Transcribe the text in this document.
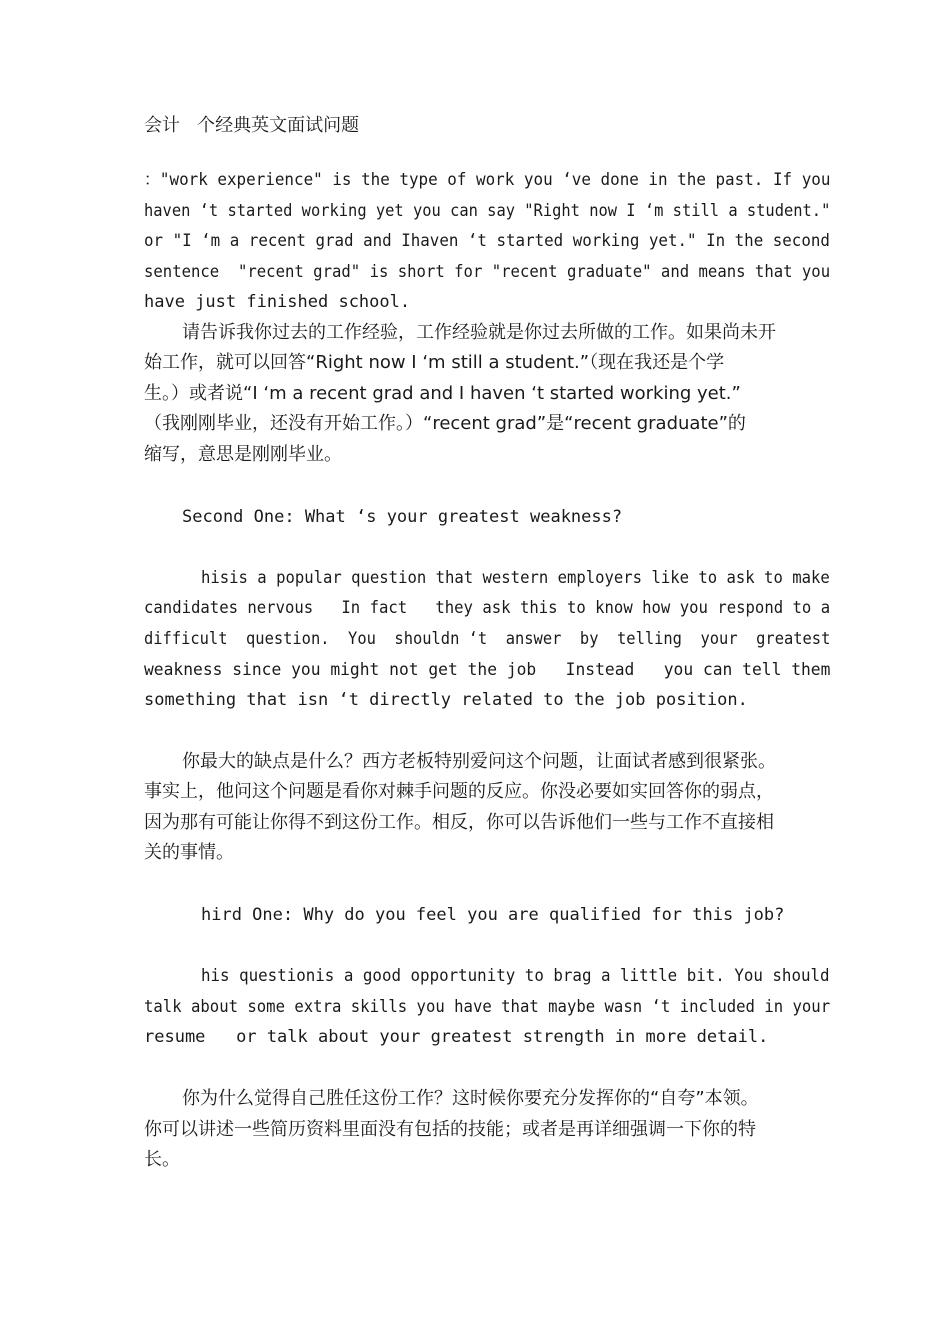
会计   个经典英文面试问题
："work experience" is the type of work you ‘ve done in the past. If you
haven ‘t started working yet you can say "Right now I ‘m still a student."
or "I ‘m a recent grad and Ihaven ‘t started working yet." In the second
sentence  "recent grad" is short for "recent graduate" and means that you
have just finished school.
请告诉我你过去的工作经验，工作经验就是你过去所做的工作。如果尚未开
始工作，就可以回答“Right now I ‘m still a student.”（现在我还是个学
生。）或者说“I ‘m a recent grad and I haven ‘t started working yet.”
（我刚刚毕业，还没有开始工作。）“recent grad”是“recent graduate”的
缩写，意思是刚刚毕业。
Second One: What ‘s your greatest weakness?
hisis a popular question that western employers like to ask to make
candidates nervous   In fact   they ask this to know how you respond to a
difficult  question.  You  shouldn ‘t  answer  by  telling  your  greatest
weakness since you might not get the job   Instead   you can tell them
something that isn ‘t directly related to the job position.
你最大的缺点是什么？西方老板特别爱问这个问题，让面试者感到很紧张。
事实上，他问这个问题是看你对棘手问题的反应。你没必要如实回答你的弱点，
因为那有可能让你得不到这份工作。相反，你可以告诉他们一些与工作不直接相
关的事情。
hird One: Why do you feel you are qualified for this job?
his questionis a good opportunity to brag a little bit. You should
talk about some extra skills you have that maybe wasn ‘t included in your
resume   or talk about your greatest strength in more detail.
你为什么觉得自己胜任这份工作？这时候你要充分发挥你的“自夸”本领。
你可以讲述一些简历资料里面没有包括的技能；或者是再详细强调一下你的特
长。
